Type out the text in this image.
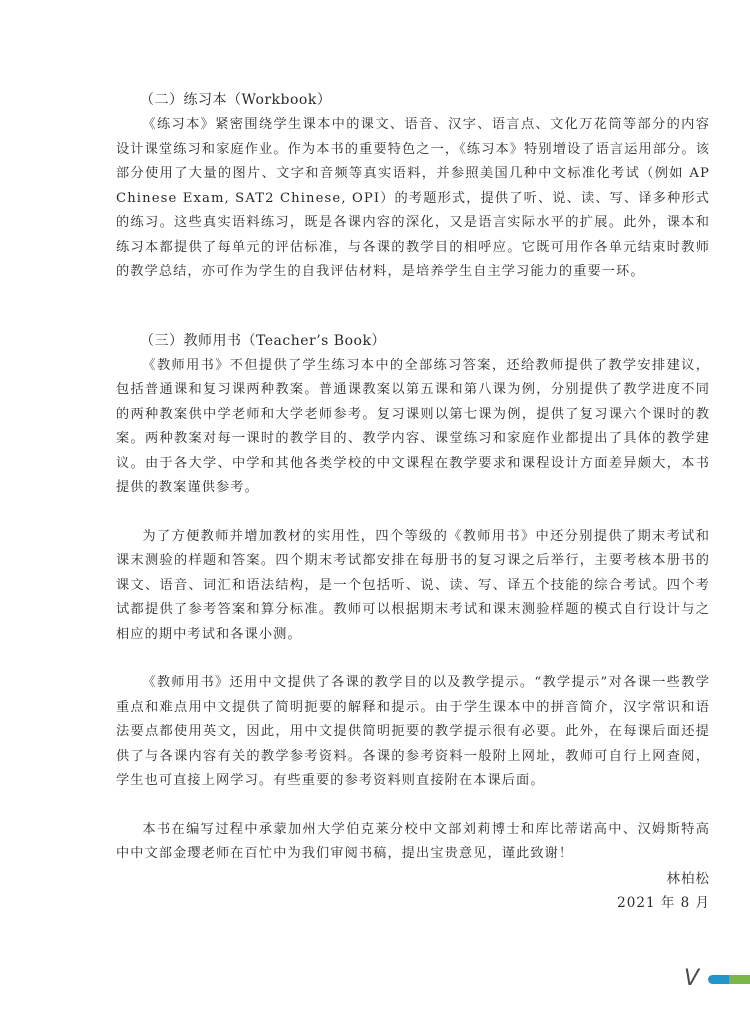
（二）练习本（Workbook）

《练习本》紧密围绕学生课本中的课文、语音、汉字、语言点、文化万花筒等部分的内容设计课堂练习和家庭作业。作为本书的重要特色之一，《练习本》特别增设了语言运用部分。该部分使用了大量的图片、文字和音频等真实语料，并参照美国几种中文标准化考试（例如 AP Chinese Exam, SAT2 Chinese, OPI）的考题形式，提供了听、说、读、写、译多种形式的练习。这些真实语料练习，既是各课内容的深化，又是语言实际水平的扩展。此外，课本和练习本都提供了每单元的评估标准，与各课的教学目的相呼应。它既可用作各单元结束时教师的教学总结，亦可作为学生的自我评估材料，是培养学生自主学习能力的重要一环。

（三）教师用书（Teacher’s Book）

《教师用书》不但提供了学生练习本中的全部练习答案，还给教师提供了教学安排建议，包括普通课和复习课两种教案。普通课教案以第五课和第八课为例，分别提供了教学进度不同的两种教案供中学老师和大学老师参考。复习课则以第七课为例，提供了复习课六个课时的教案。两种教案对每一课时的教学目的、教学内容、课堂练习和家庭作业都提出了具体的教学建议。由于各大学、中学和其他各类学校的中文课程在教学要求和课程设计方面差异颇大，本书提供的教案谨供参考。

为了方便教师并增加教材的实用性，四个等级的《教师用书》中还分别提供了期末考试和课末测验的样题和答案。四个期末考试都安排在每册书的复习课之后举行，主要考核本册书的课文、语音、词汇和语法结构，是一个包括听、说、读、写、译五个技能的综合考试。四个考试都提供了参考答案和算分标准。教师可以根据期末考试和课末测验样题的模式自行设计与之相应的期中考试和各课小测。

《教师用书》还用中文提供了各课的教学目的以及教学提示。“教学提示”对各课一些教学重点和难点用中文提供了简明扼要的解释和提示。由于学生课本中的拼音简介，汉字常识和语法要点都使用英文，因此，用中文提供简明扼要的教学提示很有必要。此外，在每课后面还提供了与各课内容有关的教学参考资料。各课的参考资料一般附上网址，教师可自行上网查阅，学生也可直接上网学习。有些重要的参考资料则直接附在本课后面。

本书在编写过程中承蒙加州大学伯克莱分校中文部刘莉博士和库比蒂诺高中、汉姆斯特高中中文部金璎老师在百忙中为我们审阅书稿，提出宝贵意见，谨此致谢！

林柏松
2021 年 8 月
V
